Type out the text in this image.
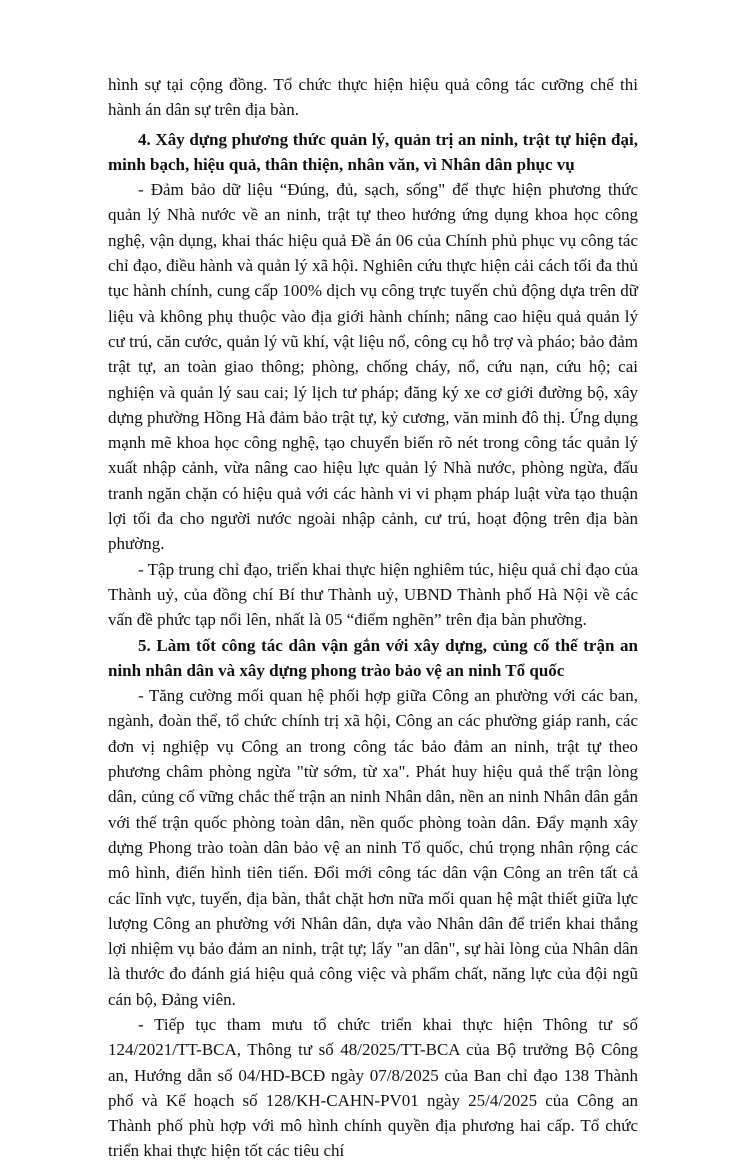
hình sự tại cộng đồng. Tổ chức thực hiện hiệu quả công tác cưỡng chế thi hành án dân sự trên địa bàn.

4. Xây dựng phương thức quản lý, quản trị an ninh, trật tự hiện đại, minh bạch, hiệu quả, thân thiện, nhân văn, vì Nhân dân phục vụ

- Đảm bảo dữ liệu “Đúng, đủ, sạch, sống" để thực hiện phương thức quản lý Nhà nước về an ninh, trật tự theo hướng ứng dụng khoa học công nghệ, vận dụng, khai thác hiệu quả Đề án 06 của Chính phủ phục vụ công tác chỉ đạo, điều hành và quản lý xã hội. Nghiên cứu thực hiện cải cách tối đa thủ tục hành chính, cung cấp 100% dịch vụ công trực tuyến chủ động dựa trên dữ liệu và không phụ thuộc vào địa giới hành chính; nâng cao hiệu quả quản lý cư trú, căn cước, quản lý vũ khí, vật liệu nổ, công cụ hỗ trợ và pháo; bảo đảm trật tự, an toàn giao thông; phòng, chống cháy, nổ, cứu nạn, cứu hộ; cai nghiện và quản lý sau cai; lý lịch tư pháp; đăng ký xe cơ giới đường bộ, xây dựng phường Hồng Hà đảm bảo trật tự, kỷ cương, văn minh đô thị. Ứng dụng mạnh mẽ khoa học công nghệ, tạo chuyển biến rõ nét trong công tác quản lý xuất nhập cảnh, vừa nâng cao hiệu lực quản lý Nhà nước, phòng ngừa, đấu tranh ngăn chặn có hiệu quả với các hành vi vi phạm pháp luật vừa tạo thuận lợi tối đa cho người nước ngoài nhập cảnh, cư trú, hoạt động trên địa bàn phường.

- Tập trung chỉ đạo, triển khai thực hiện nghiêm túc, hiệu quả chỉ đạo của Thành uỷ, của đồng chí Bí thư Thành uỷ, UBND Thành phố Hà Nội về các vấn đề phức tạp nổi lên, nhất là 05 “điểm nghẽn” trên địa bàn phường.

5. Làm tốt công tác dân vận gắn với xây dựng, củng cố thế trận an ninh nhân dân và xây dựng phong trào bảo vệ an ninh Tổ quốc

- Tăng cường mối quan hệ phối hợp giữa Công an phường với các ban, ngành, đoàn thể, tổ chức chính trị xã hội, Công an các phường giáp ranh, các đơn vị nghiệp vụ Công an trong công tác bảo đảm an ninh, trật tự theo phương châm phòng ngừa "từ sớm, từ xa". Phát huy hiệu quả thế trận lòng dân, củng cố vững chắc thế trận an ninh Nhân dân, nền an ninh Nhân dân gắn với thế trận quốc phòng toàn dân, nền quốc phòng toàn dân. Đẩy mạnh xây dựng Phong trào toàn dân bảo vệ an ninh Tổ quốc, chú trọng nhân rộng các mô hình, điển hình tiên tiến. Đổi mới công tác dân vận Công an trên tất cả các lĩnh vực, tuyến, địa bàn, thắt chặt hơn nữa mối quan hệ mật thiết giữa lực lượng Công an phường với Nhân dân, dựa vào Nhân dân để triển khai thắng lợi nhiệm vụ bảo đảm an ninh, trật tự; lấy "an dân", sự hài lòng của Nhân dân là thước đo đánh giá hiệu quả công việc và phẩm chất, năng lực của đội ngũ cán bộ, Đảng viên.

- Tiếp tục tham mưu tổ chức triển khai thực hiện Thông tư số 124/2021/TT-BCA, Thông tư số 48/2025/TT-BCA của Bộ trưởng Bộ Công an, Hướng dẫn số 04/HD-BCĐ ngày 07/8/2025 của Ban chỉ đạo 138 Thành phố và Kế hoạch số 128/KH-CAHN-PV01 ngày 25/4/2025 của Công an Thành phố phù hợp với mô hình chính quyền địa phương hai cấp. Tổ chức triển khai thực hiện tốt các tiêu chí
